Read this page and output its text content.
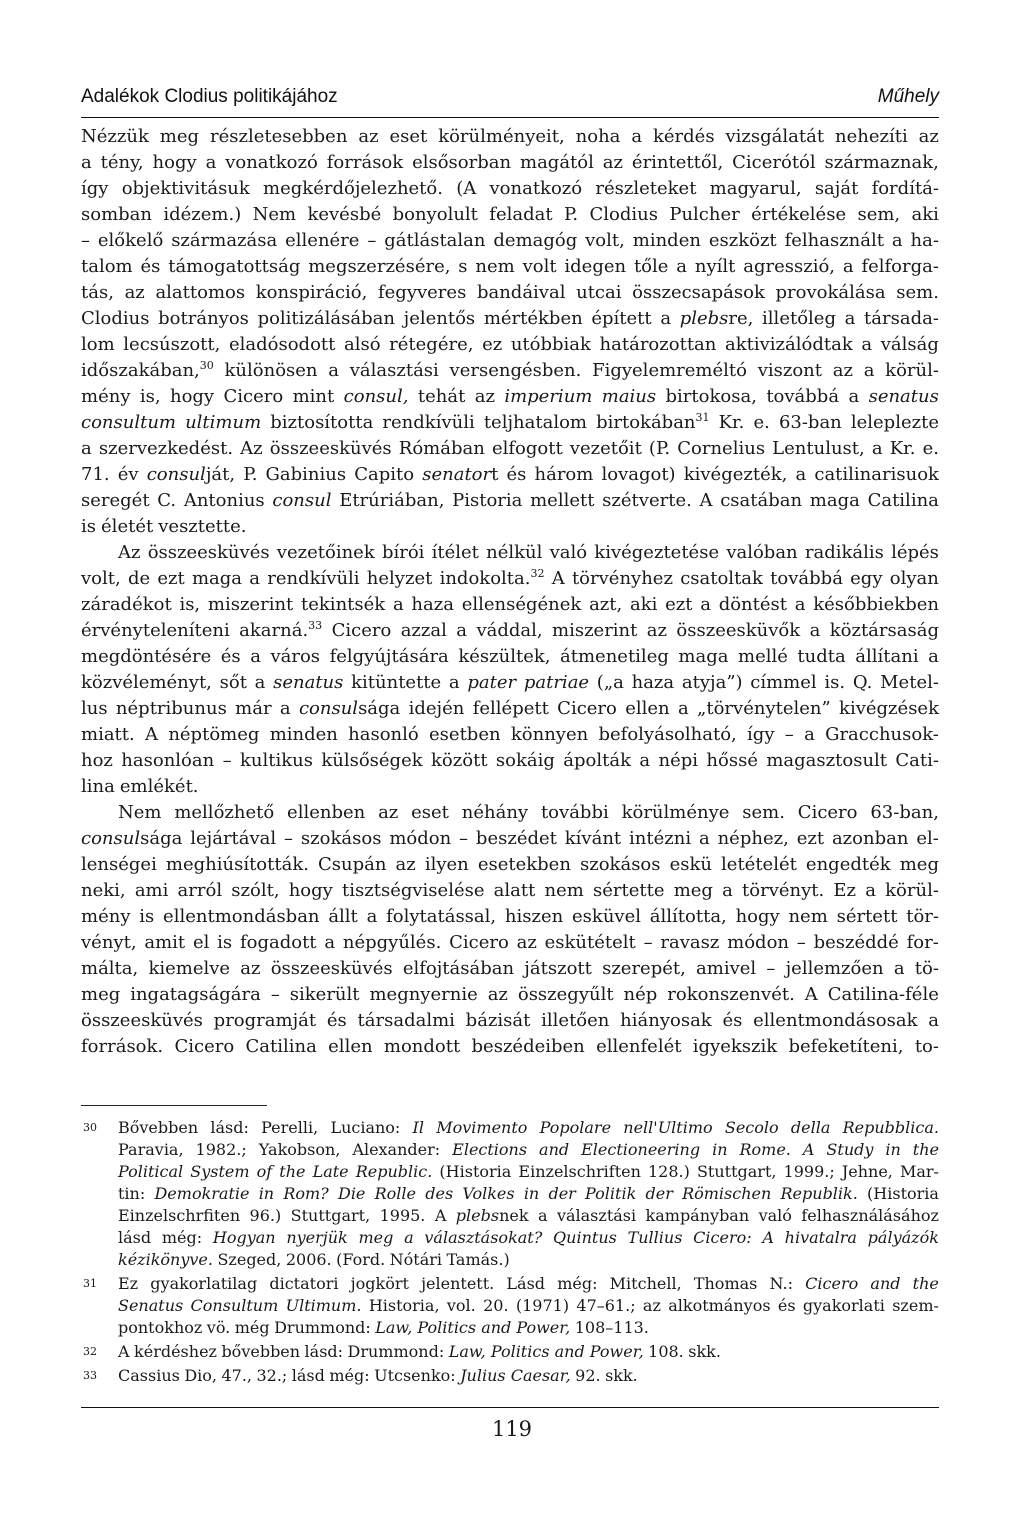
Adalékok Clodius politikájához	Műhely
Nézzük meg részletesebben az eset körülményeit, noha a kérdés vizsgálatát nehezíti az
a tény, hogy a vonatkozó források elsősorban magától az érintettől, Cicerótól származnak,
így objektivitásuk megkérdőjelezhető. (A vonatkozó részleteket magyarul, saját fordítá-
somban idézem.) Nem kevésbé bonyolult feladat P. Clodius Pulcher értékelése sem, aki
– előkelő származása ellenére – gátlástalan demagóg volt, minden eszközt felhasznált a ha-
talom és támogatottság megszerzésére, s nem volt idegen tőle a nyílt agresszió, a felforga-
tás, az alattomos konspiráció, fegyveres bandáival utcai összecsapások provokálása sem.
Clodius botrányos politizálásában jelentős mértékben épített a plebsre, illetőleg a társada-
lom lecsúszott, eladósodott alsó rétegére, ez utóbbiak határozottan aktivizálódtak a válság
időszakában,$^{30}$ különösen a választási versengésben. Figyelemreméltó viszont az a körül-
mény is, hogy Cicero mint consul, tehát az imperium maius birtokosa, továbbá a senatus
consultum ultimum biztosította rendkívüli teljhatalom birtokában$^{31}$ Kr. e. 63-ban leleplezte
a szervezkedést. Az összeesküvés Rómában elfogott vezetőit (P. Cornelius Lentulust, a Kr. e.
71. év consulját, P. Gabinius Capito senatort és három lovagot) kivégezték, a catilinarisuok
seregét C. Antonius consul Etrúriában, Pistoria mellett szétverte. A csatában maga Catilina
is életét vesztette.
Az összeesküvés vezetőinek bírói ítélet nélkül való kivégeztetése valóban radikális lépés
volt, de ezt maga a rendkívüli helyzet indokolta.$^{32}$ A törvényhez csatoltak továbbá egy olyan
záradékot is, miszerint tekintsék a haza ellenségének azt, aki ezt a döntést a későbbiekben
érvényteleníteni akarná.$^{33}$ Cicero azzal a váddal, miszerint az összeesküvők a köztársaság
megdöntésére és a város felgyújtására készültek, átmenetileg maga mellé tudta állítani a
közvéleményt, sőt a senatus kitüntette a pater patriae („a haza atyja”) címmel is. Q. Metel-
lus néptribunus már a consulsága idején fellépett Cicero ellen a „törvénytelen” kivégzések
miatt. A néptömeg minden hasonló esetben könnyen befolyásolható, így – a Gracchusok-
hoz hasonlóan – kultikus külsőségek között sokáig ápolták a népi hőssé magasztosult Cati-
lina emlékét.
Nem mellőzhető ellenben az eset néhány további körülménye sem. Cicero 63-ban,
consulsága lejártával – szokásos módon – beszédet kívánt intézni a néphez, ezt azonban el-
lenségei meghiúsították. Csupán az ilyen esetekben szokásos eskü letételét engedték meg
neki, ami arról szólt, hogy tisztségviselése alatt nem sértette meg a törvényt. Ez a körül-
mény is ellentmondásban állt a folytatással, hiszen esküvel állította, hogy nem sértett tör-
vényt, amit el is fogadott a népgyűlés. Cicero az eskütételt – ravasz módon – beszéddé for-
málta, kiemelve az összeesküvés elfojtásában játszott szerepét, amivel – jellemzően a tö-
meg ingatagságára – sikerült megnyernie az összegyűlt nép rokonszenvét. A Catilina-féle
összeesküvés programját és társadalmi bázisát illetően hiányosak és ellentmondásosak a
források. Cicero Catilina ellen mondott beszédeiben ellenfelét igyekszik befeketíteni, to-
30 Bővebben lásd: Perelli, Luciano: Il Movimento Popolare nell'Ultimo Secolo della Repubblica.
Paravia, 1982.; Yakobson, Alexander: Elections and Electioneering in Rome. A Study in the
Political System of the Late Republic. (Historia Einzelschriften 128.) Stuttgart, 1999.; Jehne, Mar-
tin: Demokratie in Rom? Die Rolle des Volkes in der Politik der Römischen Republik. (Historia
Einzelschrfiten 96.) Stuttgart, 1995. A plebsnek a választási kampányban való felhasználásához
lásd még: Hogyan nyerjük meg a választásokat? Quintus Tullius Cicero: A hivatalra pályázók
kézikönyve. Szeged, 2006. (Ford. Nótári Tamás.)
31 Ez gyakorlatilag dictatori jogkört jelentett. Lásd még: Mitchell, Thomas N.: Cicero and the
Senatus Consultum Ultimum. Historia, vol. 20. (1971) 47–61.; az alkotmányos és gyakorlati szem-
pontokhoz vö. még Drummond: Law, Politics and Power, 108–113.
32 A kérdéshez bővebben lásd: Drummond: Law, Politics and Power, 108. skk.
33 Cassius Dio, 47., 32.; lásd még: Utcsenko: Julius Caesar, 92. skk.
119
